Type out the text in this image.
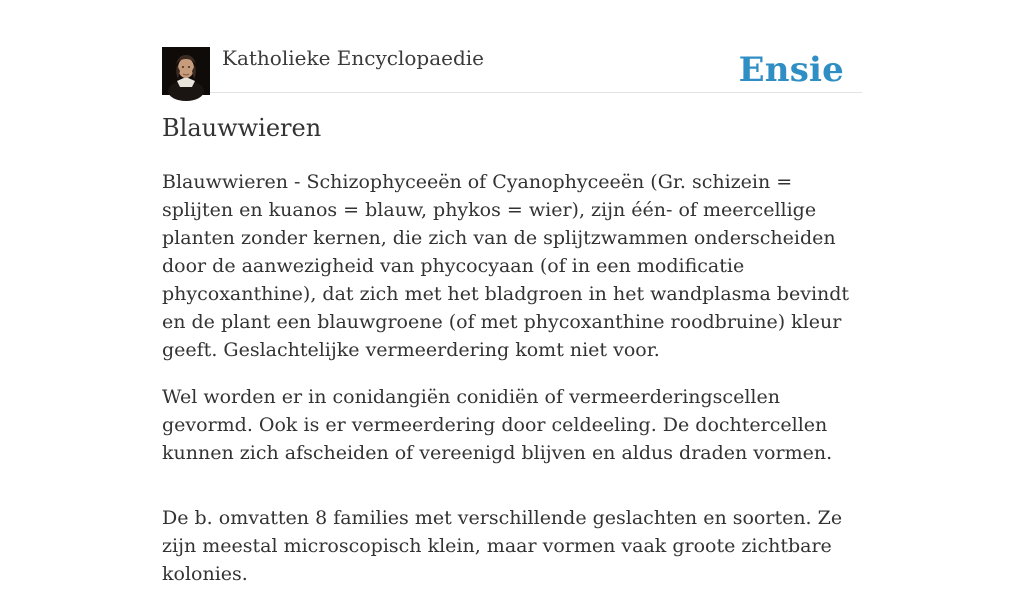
Katholieke Encyclopaedie	Ensie
Blauwwieren

Blauwwieren - Schizophyceeën of Cyanophyceeën (Gr. schizein = splijten en kuanos = blauw, phykos = wier), zijn één- of meercellige planten zonder kernen, die zich van de splijtzwammen onderscheiden door de aanwezigheid van phycocyaan (of in een modificatie phycoxanthine), dat zich met het bladgroen in het wandplasma bevindt en de plant een blauwgroene (of met phycoxanthine roodbruine) kleur geeft. Geslachtelijke vermeerdering komt niet voor.

Wel worden er in conidangiën conidiën of vermeerderingscellen gevormd. Ook is er vermeerdering door celdeeling. De dochtercellen kunnen zich afscheiden of vereenigd blijven en aldus draden vormen.

De b. omvatten 8 families met verschillende geslachten en soorten. Ze zijn meestal microscopisch klein, maar vormen vaak groote zichtbare kolonies.
